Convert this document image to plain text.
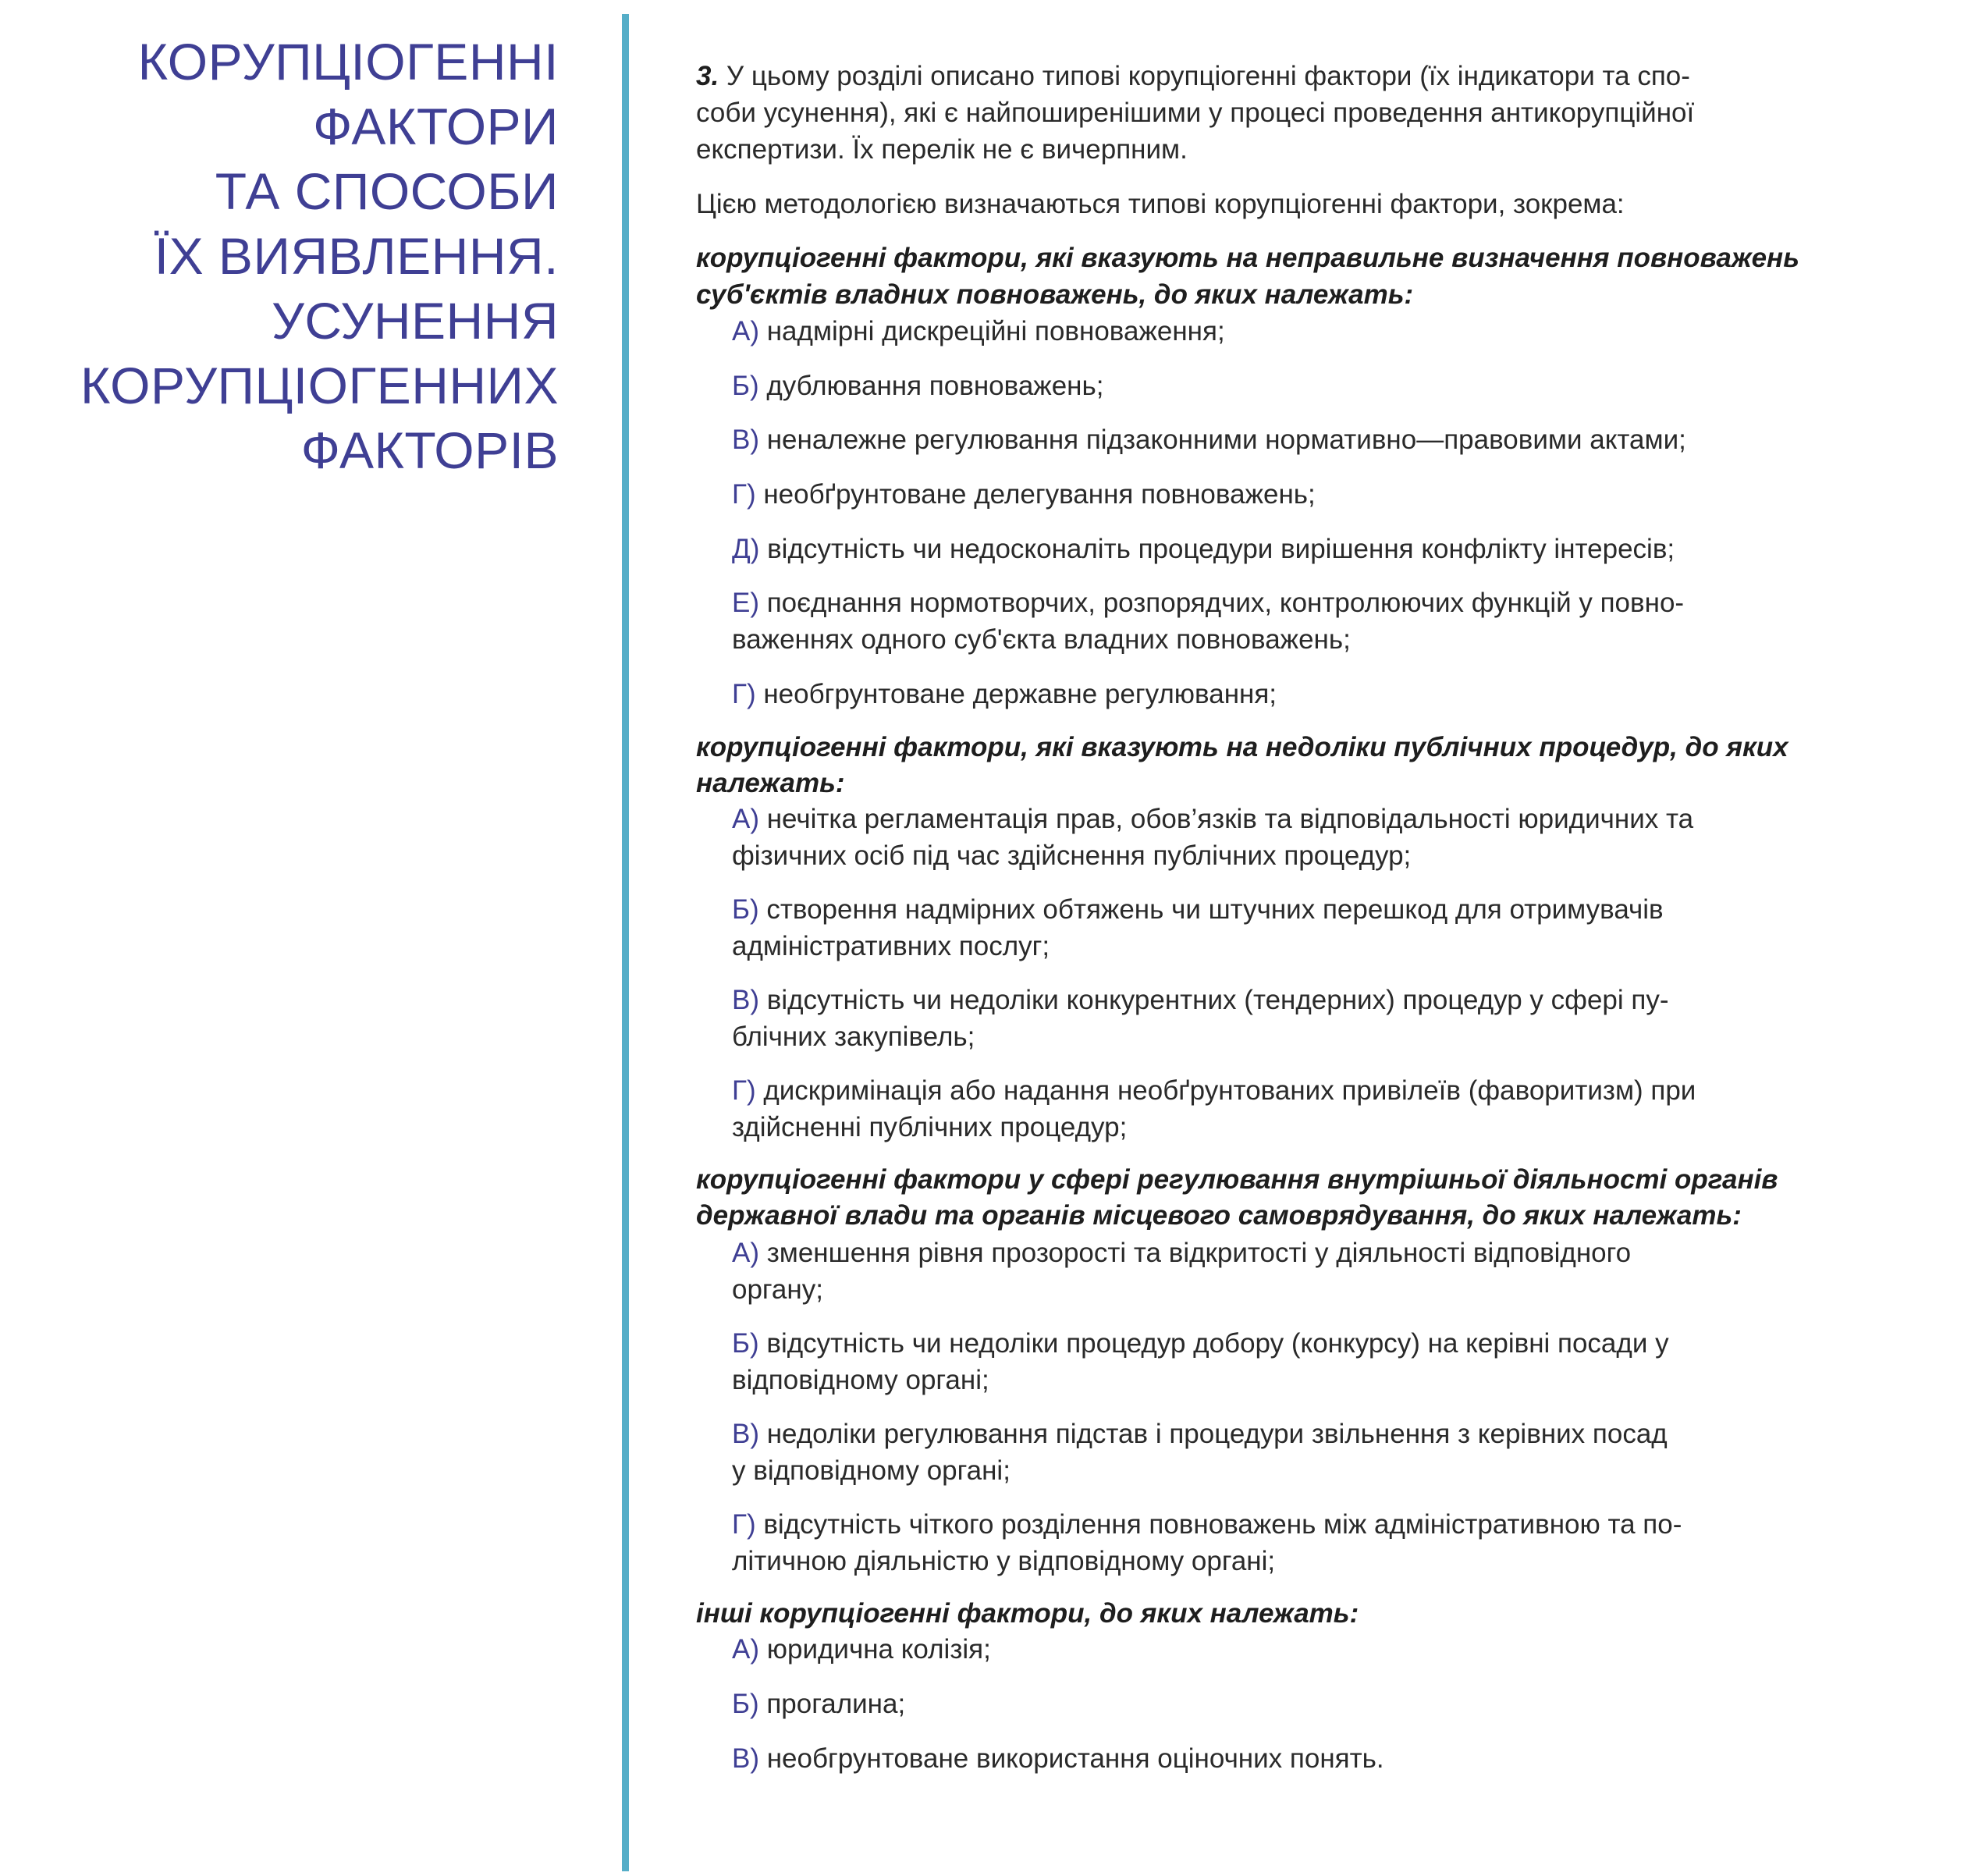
КОРУПЦІОГЕННІ
ФАКТОРИ
ТА СПОСОБИ
ЇХ ВИЯВЛЕННЯ.
УСУНЕННЯ
КОРУПЦІОГЕННИХ
ФАКТОРІВ
3. У цьому розділі описано типові корупціогенні фактори (їх індикатори та спо-
соби усунення), які є найпоширенішими у процесі проведення антикорупційної
експертизи. Їх перелік не є вичерпним.
Цією методологією визначаються типові корупціогенні фактори, зокрема:
корупціогенні фактори, які вказують на неправильне визначення повноважень
суб'єктів владних повноважень, до яких належать:
А) надмірні дискреційні повноваження;
Б) дублювання повноважень;
В) неналежне регулювання підзаконними нормативно—правовими актами;
Г) необґрунтоване делегування повноважень;
Д) відсутність чи недосконаліть процедури вирішення конфлікту інтересів;
Е) поєднання нормотворчих, розпорядчих, контролюючих функцій у повно-
важеннях одного суб'єкта владних повноважень;
Г) необгрунтоване державне регулювання;
корупціогенні фактори, які вказують на недоліки публічних процедур, до яких
належать:
А) нечітка регламентація прав, обов’язків та відповідальності юридичних та
фізичних осіб під час здійснення публічних процедур;
Б) створення надмірних обтяжень чи штучних перешкод для отримувачів
адміністративних послуг;
В) відсутність чи недоліки конкурентних (тендерних) процедур у сфері пу-
блічних закупівель;
Г) дискримінація або надання необґрунтованих привілеїв (фаворитизм) при
здійсненні публічних процедур;
корупціогенні фактори у сфері регулювання внутрішньої діяльності органів
державної влади та органів місцевого самоврядування, до яких належать:
А) зменшення рівня прозорості та відкритості у діяльності відповідного
органу;
Б) відсутність чи недоліки процедур добору (конкурсу) на керівні посади у
відповідному органі;
В) недоліки регулювання підстав і процедури звільнення з керівних посад
у відповідному органі;
Г) відсутність чіткого розділення повноважень між адміністративною та по-
літичною діяльністю у відповідному органі;
інші корупціогенні фактори, до яких належать:
А) юридична колізія;
Б) прогалина;
В) необгрунтоване використання оціночних понять.
